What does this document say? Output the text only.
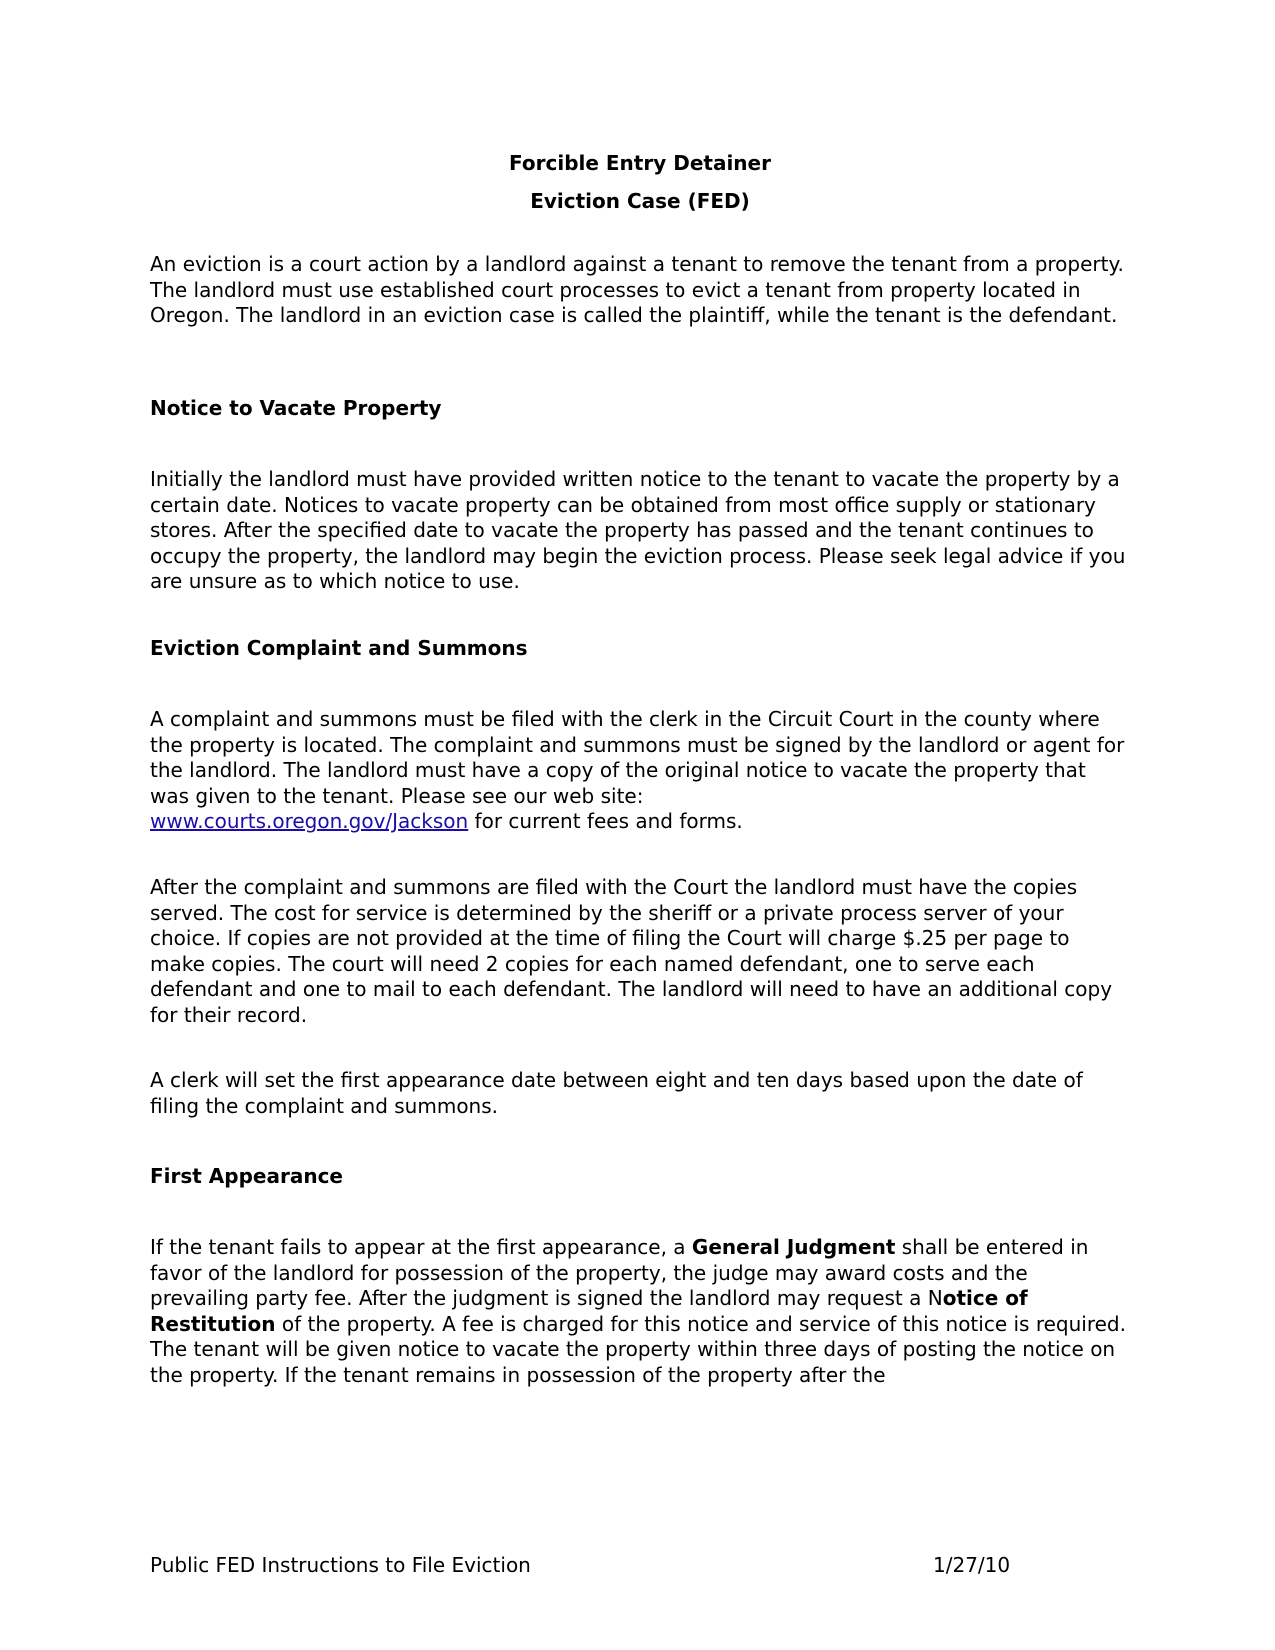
Forcible Entry Detainer
Eviction Case (FED)

An eviction is a court action by a landlord against a tenant to remove the tenant from a property. The landlord must use established court processes to evict a tenant from property located in Oregon. The landlord in an eviction case is called the plaintiff, while the tenant is the defendant.

Notice to Vacate Property

Initially the landlord must have provided written notice to the tenant to vacate the property by a certain date. Notices to vacate property can be obtained from most office supply or stationary stores. After the specified date to vacate the property has passed and the tenant continues to occupy the property, the landlord may begin the eviction process. Please seek legal advice if you are unsure as to which notice to use.

Eviction Complaint and Summons

A complaint and summons must be filed with the clerk in the Circuit Court in the county where the property is located. The complaint and summons must be signed by the landlord or agent for the landlord. The landlord must have a copy of the original notice to vacate the property that was given to the tenant. Please see our web site:
www.courts.oregon.gov/Jackson for current fees and forms.

After the complaint and summons are filed with the Court the landlord must have the copies served. The cost for service is determined by the sheriff or a private process server of your choice. If copies are not provided at the time of filing the Court will charge $.25 per page to make copies. The court will need 2 copies for each named defendant, one to serve each defendant and one to mail to each defendant. The landlord will need to have an additional copy for their record.

A clerk will set the first appearance date between eight and ten days based upon the date of filing the complaint and summons.

First Appearance

If the tenant fails to appear at the first appearance, a General Judgment shall be entered in favor of the landlord for possession of the property, the judge may award costs and the prevailing party fee. After the judgment is signed the landlord may request a Notice of Restitution of the property. A fee is charged for this notice and service of this notice is required. The tenant will be given notice to vacate the property within three days of posting the notice on the property. If the tenant remains in possession of the property after the

Public FED Instructions to File Eviction	1/27/10
